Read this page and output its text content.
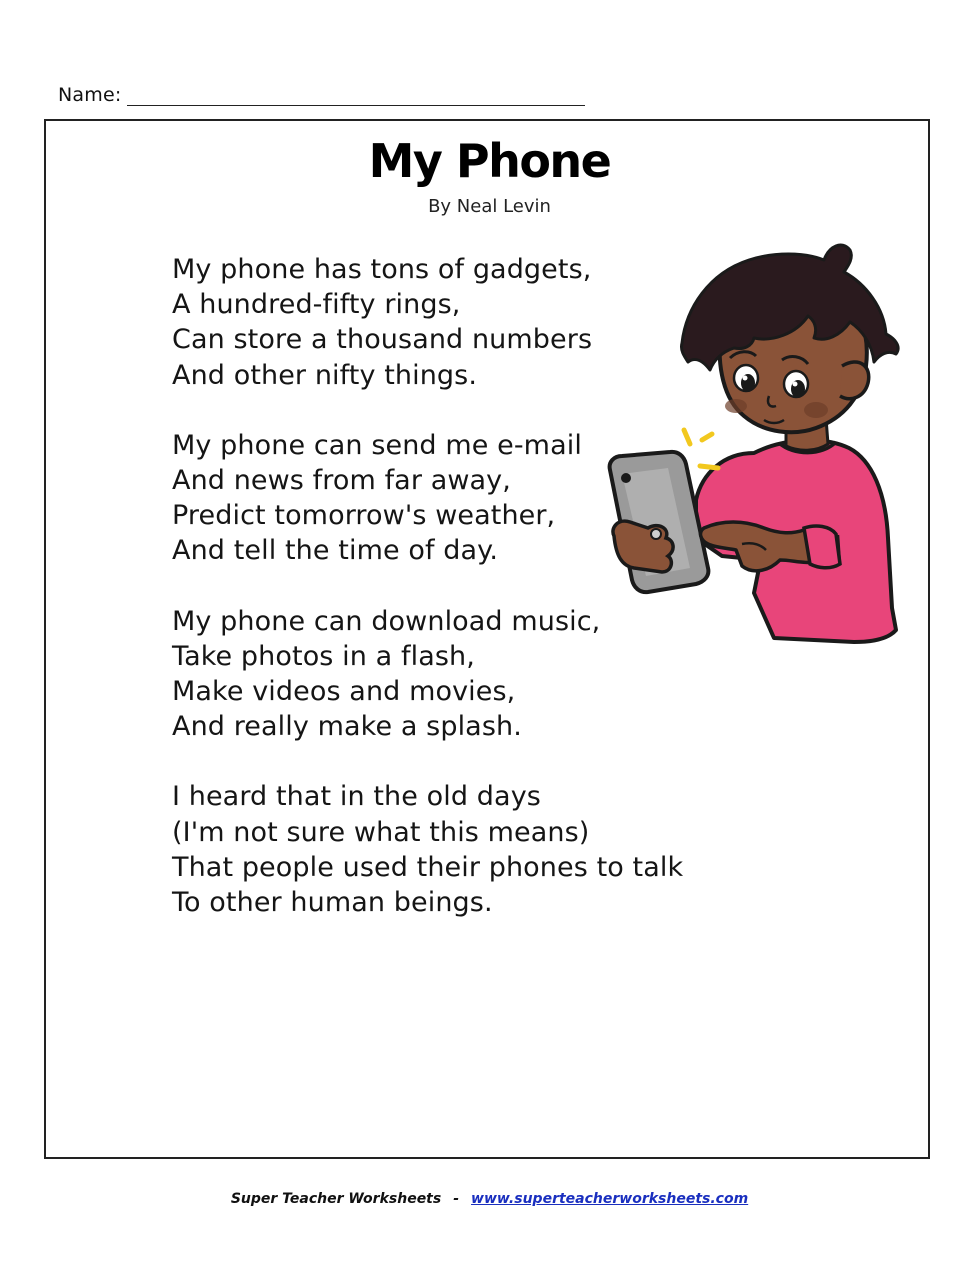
Name:
My Phone
By Neal Levin
My phone has tons of gadgets,
A hundred-fifty rings,
Can store a thousand numbers
And other nifty things.
My phone can send me e-mail
And news from far away,
Predict tomorrow's weather,
And tell the time of day.
My phone can download music,
Take photos in a flash,
Make videos and movies,
And really make a splash.
I heard that in the old days
(I'm not sure what this means)
That people used their phones to talk
To other human beings.
Super Teacher Worksheets - www.superteacherworksheets.com
